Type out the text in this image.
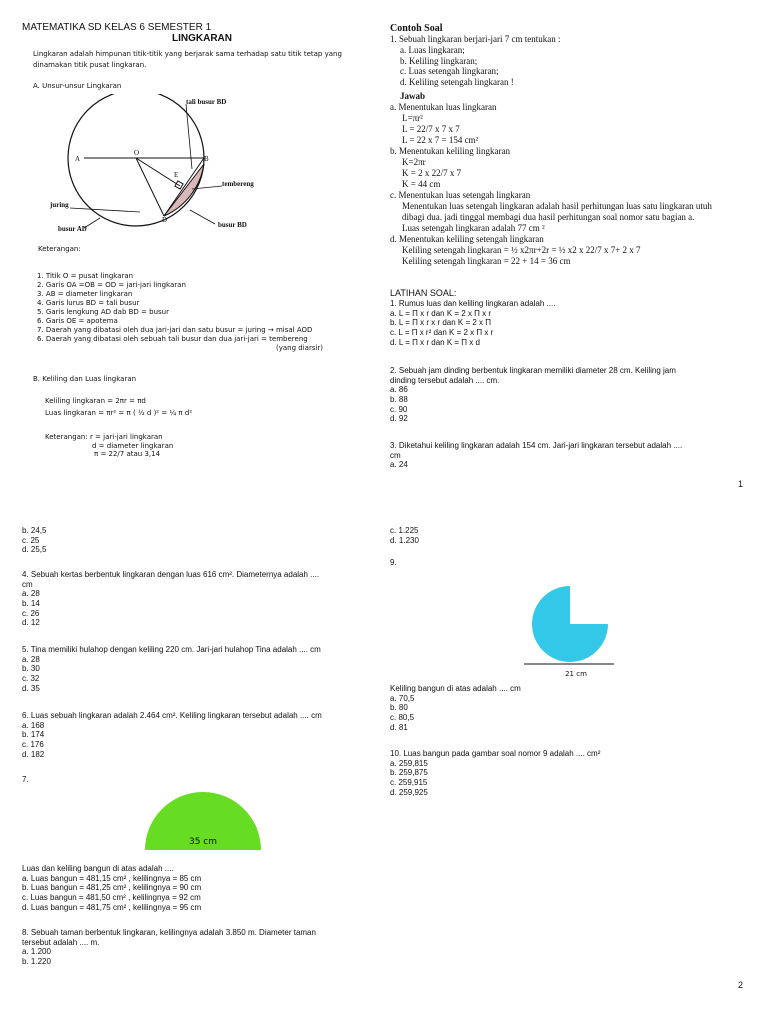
MATEMATIKA SD KELAS 6 SEMESTER 1
LINGKARAN
Lingkaran adalah himpunan titik-titik yang berjarak sama terhadap satu titik tetap yang
dinamakan titik pusat lingkaran.
A. Unsur-unsur Lingkaran
tali busur BD
O
A
E
B
tembereng
juring
D
busur AD	busur BD
Keterangan:
1. Titik O = pusat lingkaran
2. Garis OA =OB = OD = jari-jari lingkaran
3. AB = diameter lingkaran
4. Garis lurus BD = tali busur
5. Garis lengkung AD dab BD = busur
6. Garis OE = apotema
7. Daerah yang dibatasi oleh dua jari-jari dan satu busur = juring → misal AOD
6. Daerah yang dibatasi oleh sebuah tali busur dan dua jari-jari = tembereng
(yang diarsir)
B. Keliling dan Luas lingkaran
Keliling lingkaran = 2πr = πd
Luas lingkaran = πr² = π ( ½ d )² = ¼ π d²
Keterangan: r = jari-jari lingkaran
d = diameter lingkaran
π = 22/7 atau 3,14
Contoh Soal
1. Sebuah lingkaran berjari-jari 7 cm tentukan :
a. Luas lingkaran;
b. Keliling lingkaran;
c. Luas setengah lingkaran;
d. Keliling setengah lingkaran !
Jawab
a. Menentukan luas lingkaran
L=πr²
L = 22/7 x 7 x 7
L = 22 x 7 = 154 cm²
b. Menentukan keliling lingkaran
K=2πr
K = 2 x 22/7 x 7
K = 44 cm
c. Menentukan luas setengah lingkaran
Menentukan luas setengah lingkaran adalah hasil perhitungan luas satu lingkaran utuh
dibagi dua. jadi tinggal membagi dua hasil perhitungan soal nomor satu bagian a.
Luas setengah lingkaran adalah 77 cm ²
d. Menentukan keliling setengah lingkaran
Keliling setengah lingkaran = ½ x2πr+2r = ½ x2 x 22/7 x 7+ 2 x 7
Keliling setengah lingkaran = 22 + 14 = 36 cm
LATIHAN SOAL:
1. Rumus luas dan keliling lingkaran adalah ....
a. L = П x r dan K = 2 x П x r
b. L = П x r x r dan K = 2 x П
c. L = П x r² dan K = 2 x П x r
d. L = П x r dan K = П x d
2. Sebuah jam dinding berbentuk lingkaran memiliki diameter 28 cm. Keliling jam
dinding tersebut adalah .... cm.
a. 86
b. 88
c. 90
d. 92
3. Diketahui keliling lingkaran adalah 154 cm. Jari-jari lingkaran tersebut adalah ....
cm
a. 24
1
b. 24,5
c. 25
d. 25,5
4. Sebuah kertas berbentuk lingkaran dengan luas 616 cm². Diameternya adalah ....
cm
a. 28
b. 14
c. 26
d. 12
5. Tina memiliki hulahop dengan keliling 220 cm. Jari-jari hulahop Tina adalah .... cm
a. 28
b. 30
c. 32
d. 35
6. Luas sebuah lingkaran adalah 2.464 cm². Keliling lingkaran tersebut adalah .... cm
a. 168
b. 174
c. 176
d. 182
7.
35 cm
Luas dan keliling bangun di atas adalah ....
a. Luas bangun = 481,15 cm² , kelilingnya = 85 cm
b. Luas bangun = 481,25 cm² , kelilingnya = 90 cm
c. Luas bangun = 481,50 cm² , kelilingnya = 92 cm
d. Luas bangun = 481,75 cm² , kelilingnya = 95 cm
8. Sebuah taman berbentuk lingkaran, kelilingnya adalah 3.850 m. Diameter taman
tersebut adalah .... m.
a. 1.200
b. 1.220
c. 1.225
d. 1.230
9.
21 cm
Keliling bangun di atas adalah .... cm
a. 70,5
b. 80
c. 80,5
d. 81
10. Luas bangun pada gambar soal nomor 9 adalah .... cm²
a. 259,815
b. 259,875
c. 259,915
d. 259,925
2
